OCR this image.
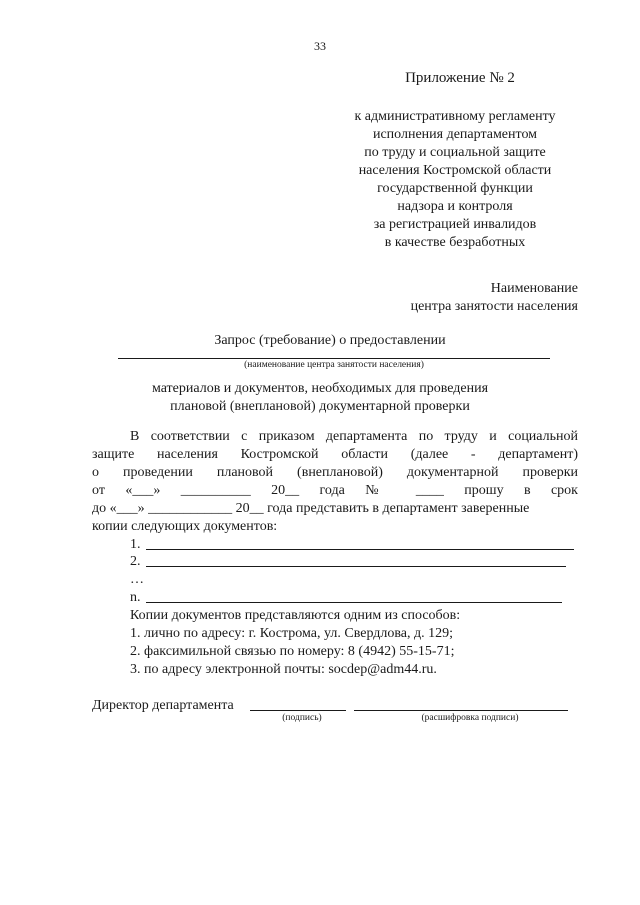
33
Приложение № 2
к административному регламенту
исполнения департаментом
по труду и социальной защите
населения Костромской области
государственной функции
надзора и контроля
за регистрацией инвалидов
в качестве безработных
Наименование
центра занятости населения
Запрос (требование) о предоставлении
(наименование центра занятости населения)
материалов и документов, необходимых для проведения
плановой (внеплановой) документарной проверки
В соответствии с приказом департамента по труду и социальной
защите населения Костромской области (далее - департамент)
о проведении плановой (внеплановой) документарной проверки
от «___» __________ 20__ года № ____ прошу в срок
до «___» ____________ 20__ года представить в департамент заверенные
копии следующих документов:
1.
2.
…
n.
Копии документов представляются одним из способов:
1. лично по адресу: г. Кострома, ул. Свердлова, д. 129;
2. факсимильной связью по номеру: 8 (4942) 55-15-71;
3. по адресу электронной почты: socdep@adm44.ru.
Директор департамента
(подпись)	(расшифровка подписи)
